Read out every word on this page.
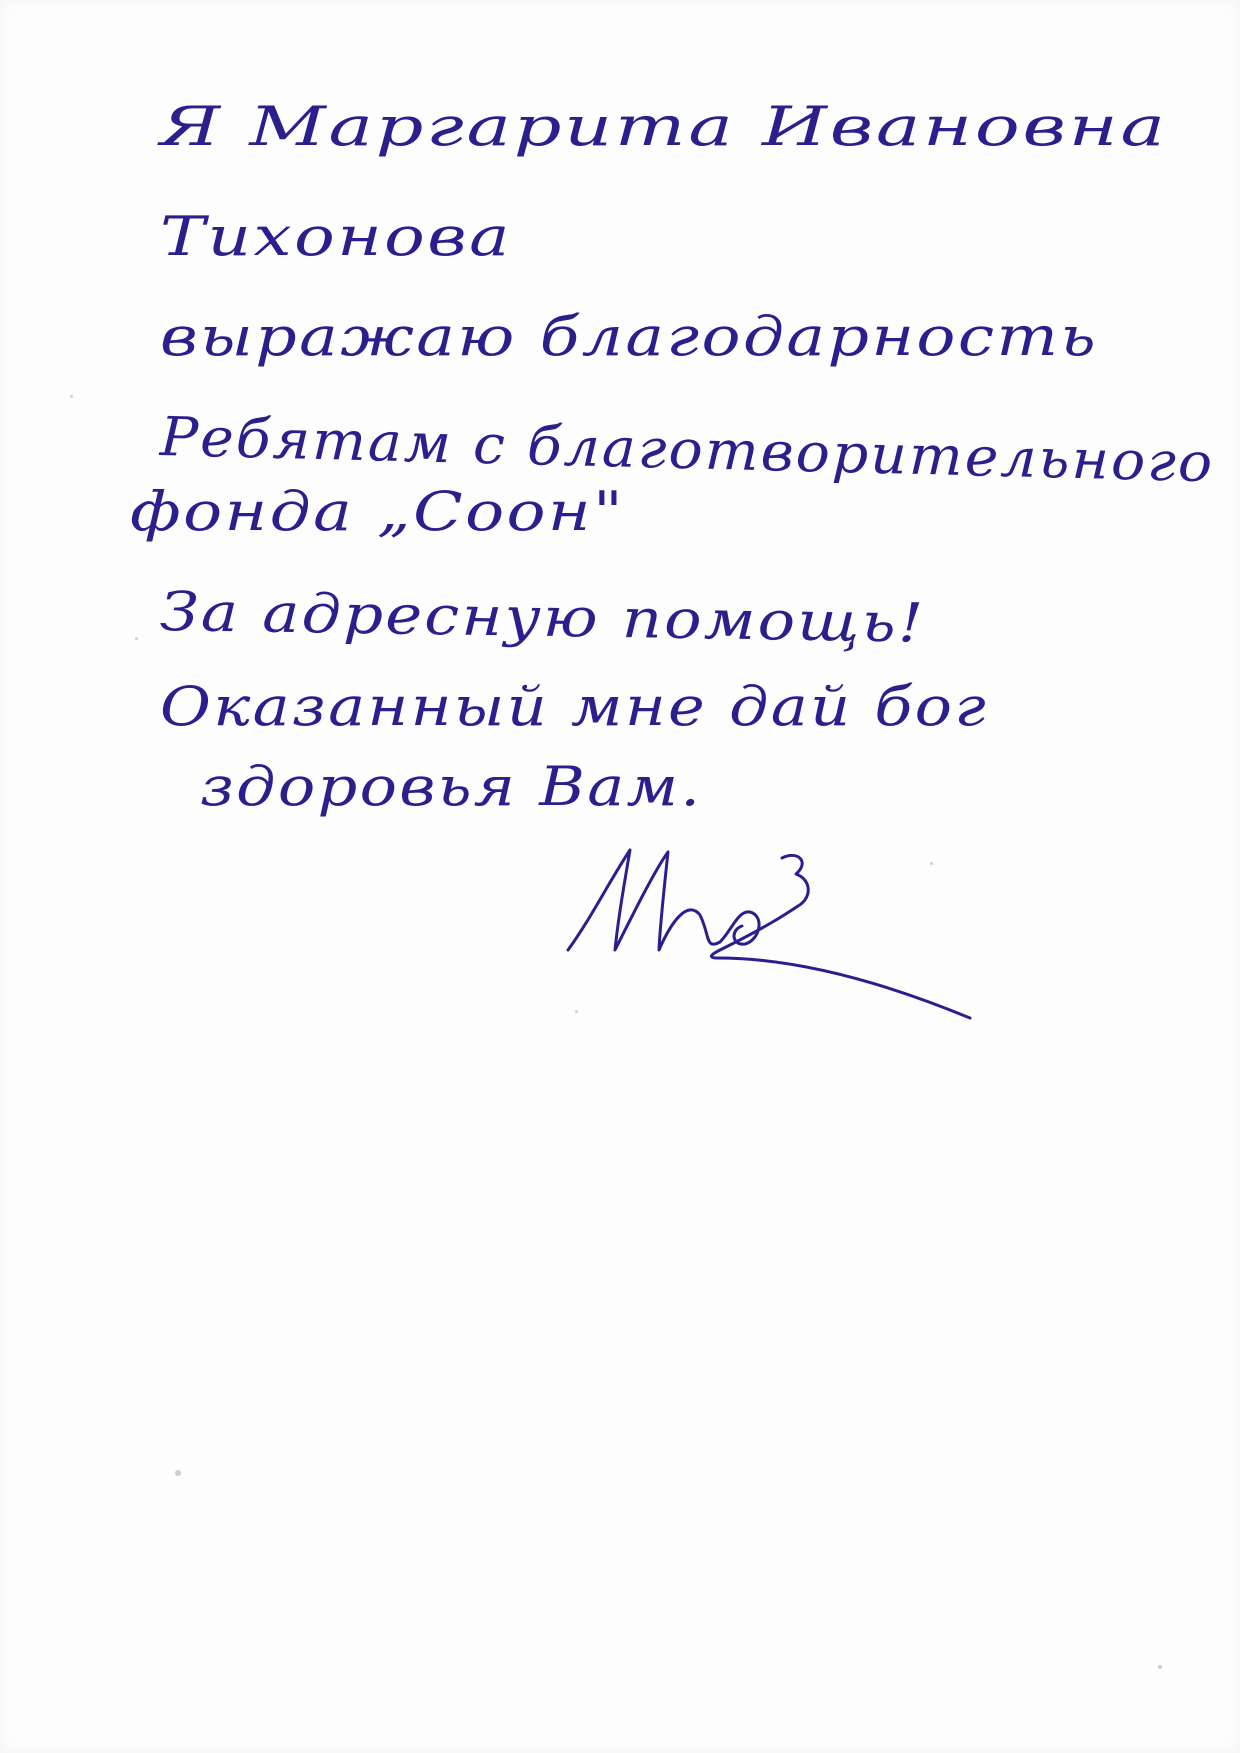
Я Маргарита Ивановна
Тихонова
выражаю благодарность
Ребятам с благотворительного
фонда „Соон"
За адресную помощь!
Оказанный мне дай бог
здоровья Вам.
